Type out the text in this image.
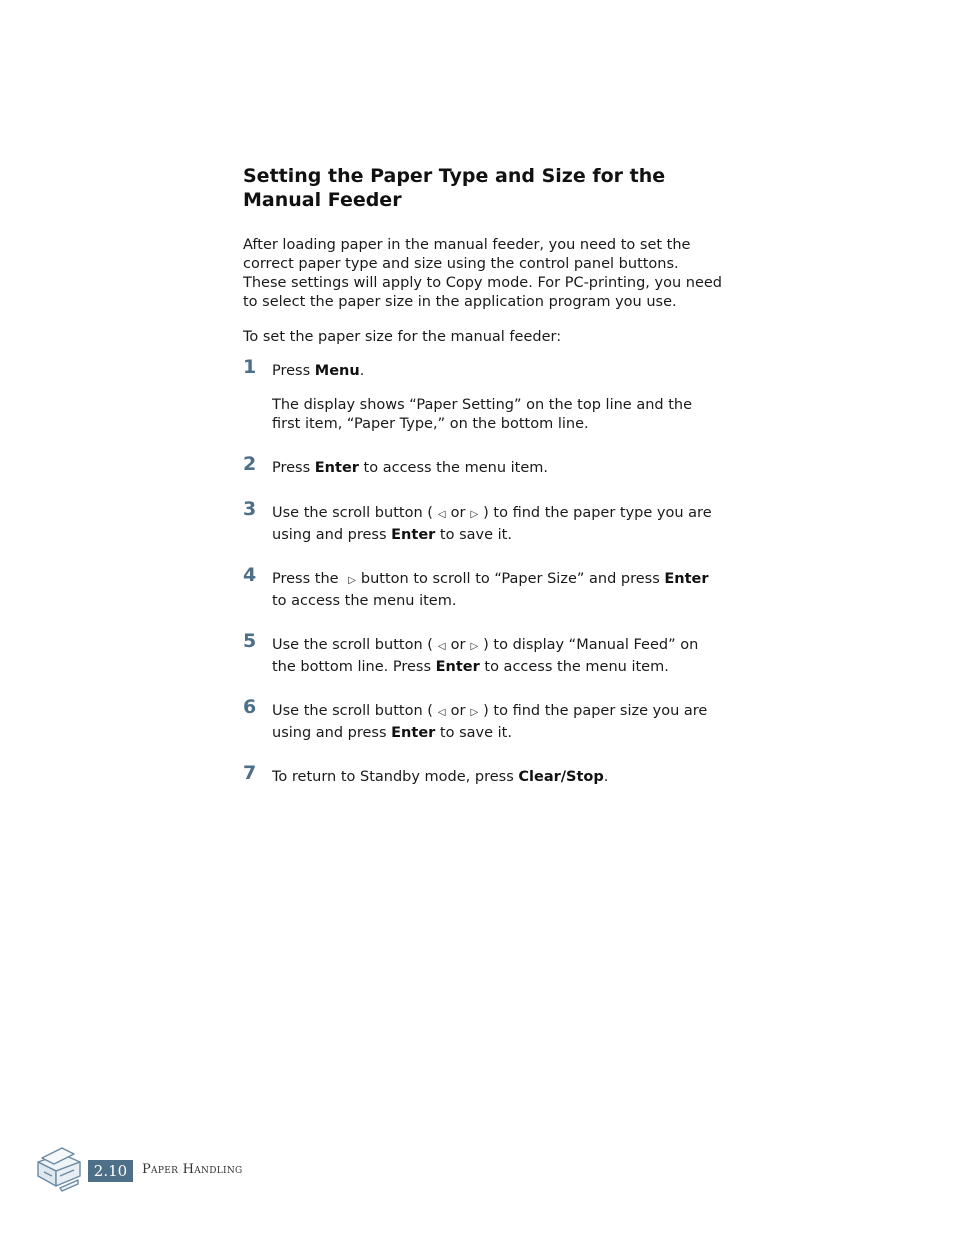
Setting the Paper Type and Size for the Manual Feeder

After loading paper in the manual feeder, you need to set the correct paper type and size using the control panel buttons. These settings will apply to Copy mode. For PC-printing, you need to select the paper size in the application program you use.

To set the paper size for the manual feeder:

1 Press Menu.

The display shows “Paper Setting” on the top line and the first item, “Paper Type,” on the bottom line.

2 Press Enter to access the menu item.

3 Use the scroll button ( ◁ or ▷ ) to find the paper type you are using and press Enter to save it.

4 Press the ▷ button to scroll to “Paper Size” and press Enter to access the menu item.

5 Use the scroll button ( ◁ or ▷ ) to display “Manual Feed” on the bottom line. Press Enter to access the menu item.

6 Use the scroll button ( ◁ or ▷ ) to find the paper size you are using and press Enter to save it.

7 To return to Standby mode, press Clear/Stop.

2.10	Paper Handling
